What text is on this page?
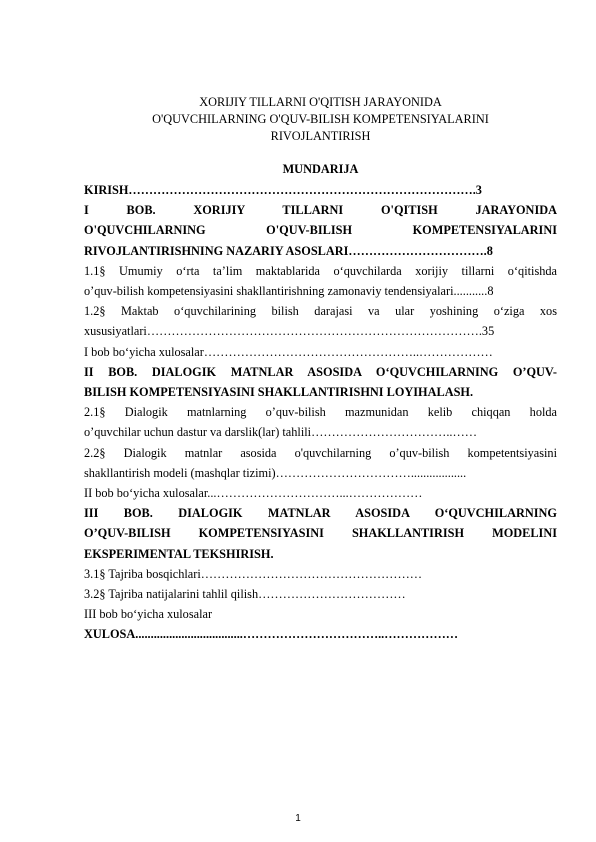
XORIJIY TILLARNI O'QITISH JARAYONIDA
O'QUVCHILARNING O'QUV-BILISH KOMPETENSIYALARINI
RIVOJLANTIRISH
MUNDARIJA
KIRISH………………………………………………………………………….3
I BOB. XORIJIY TILLARNI O'QITISH JARAYONIDA
O'QUVCHILARNING O'QUV-BILISH KOMPETENSIYALARINI
RIVOJLANTIRISHNING NAZARIY ASOSLARI…………………………….8
1.1§ Umumiy o‘rta ta’lim maktablarida o‘quvchilarda xorijiy tillarni o‘qitishda
o’quv-bilish kompetensiyasini shakllantirishning zamonaviy tendensiyalari...........8
1.2§ Maktab o‘quvchilarining bilish darajasi va ular yoshining o‘ziga xos
xususiyatlari……………………………………………………………………….35
I bob bo‘yicha xulosalar……………………………………………..………………
II BOB. DIALOGIK MATNLAR ASOSIDA O‘QUVCHILARNING O’QUV-
BILISH KOMPETENSIYASINI SHAKLLANTIRISHNI LOYIHALASH.
2.1§ Dialogik matnlarning o’quv-bilish mazmunidan kelib chiqqan holda
o’quvchilar uchun dastur va darslik(lar) tahlili……………………………..……
2.2§ Dialogik matnlar asosida o'quvchilarning o’quv-bilish kompetentsiyasini
shakllantirish modeli (mashqlar tizimi)……………………………..................
II bob bo‘yicha xulosalar...…………………………...………………
III BOB. DIALOGIK MATNLAR ASOSIDA O‘QUVCHILARNING
O’QUV-BILISH KOMPETENSIYASINI SHAKLLANTIRISH MODELINI
EKSPERIMENTAL TEKSHIRISH.
3.1§ Tajriba bosqichlari………………………………………………
3.2§ Tajriba natijalarini tahlil qilish………………………………
III bob bo‘yicha xulosalar
XULOSA...................................……………………………..………………
1
